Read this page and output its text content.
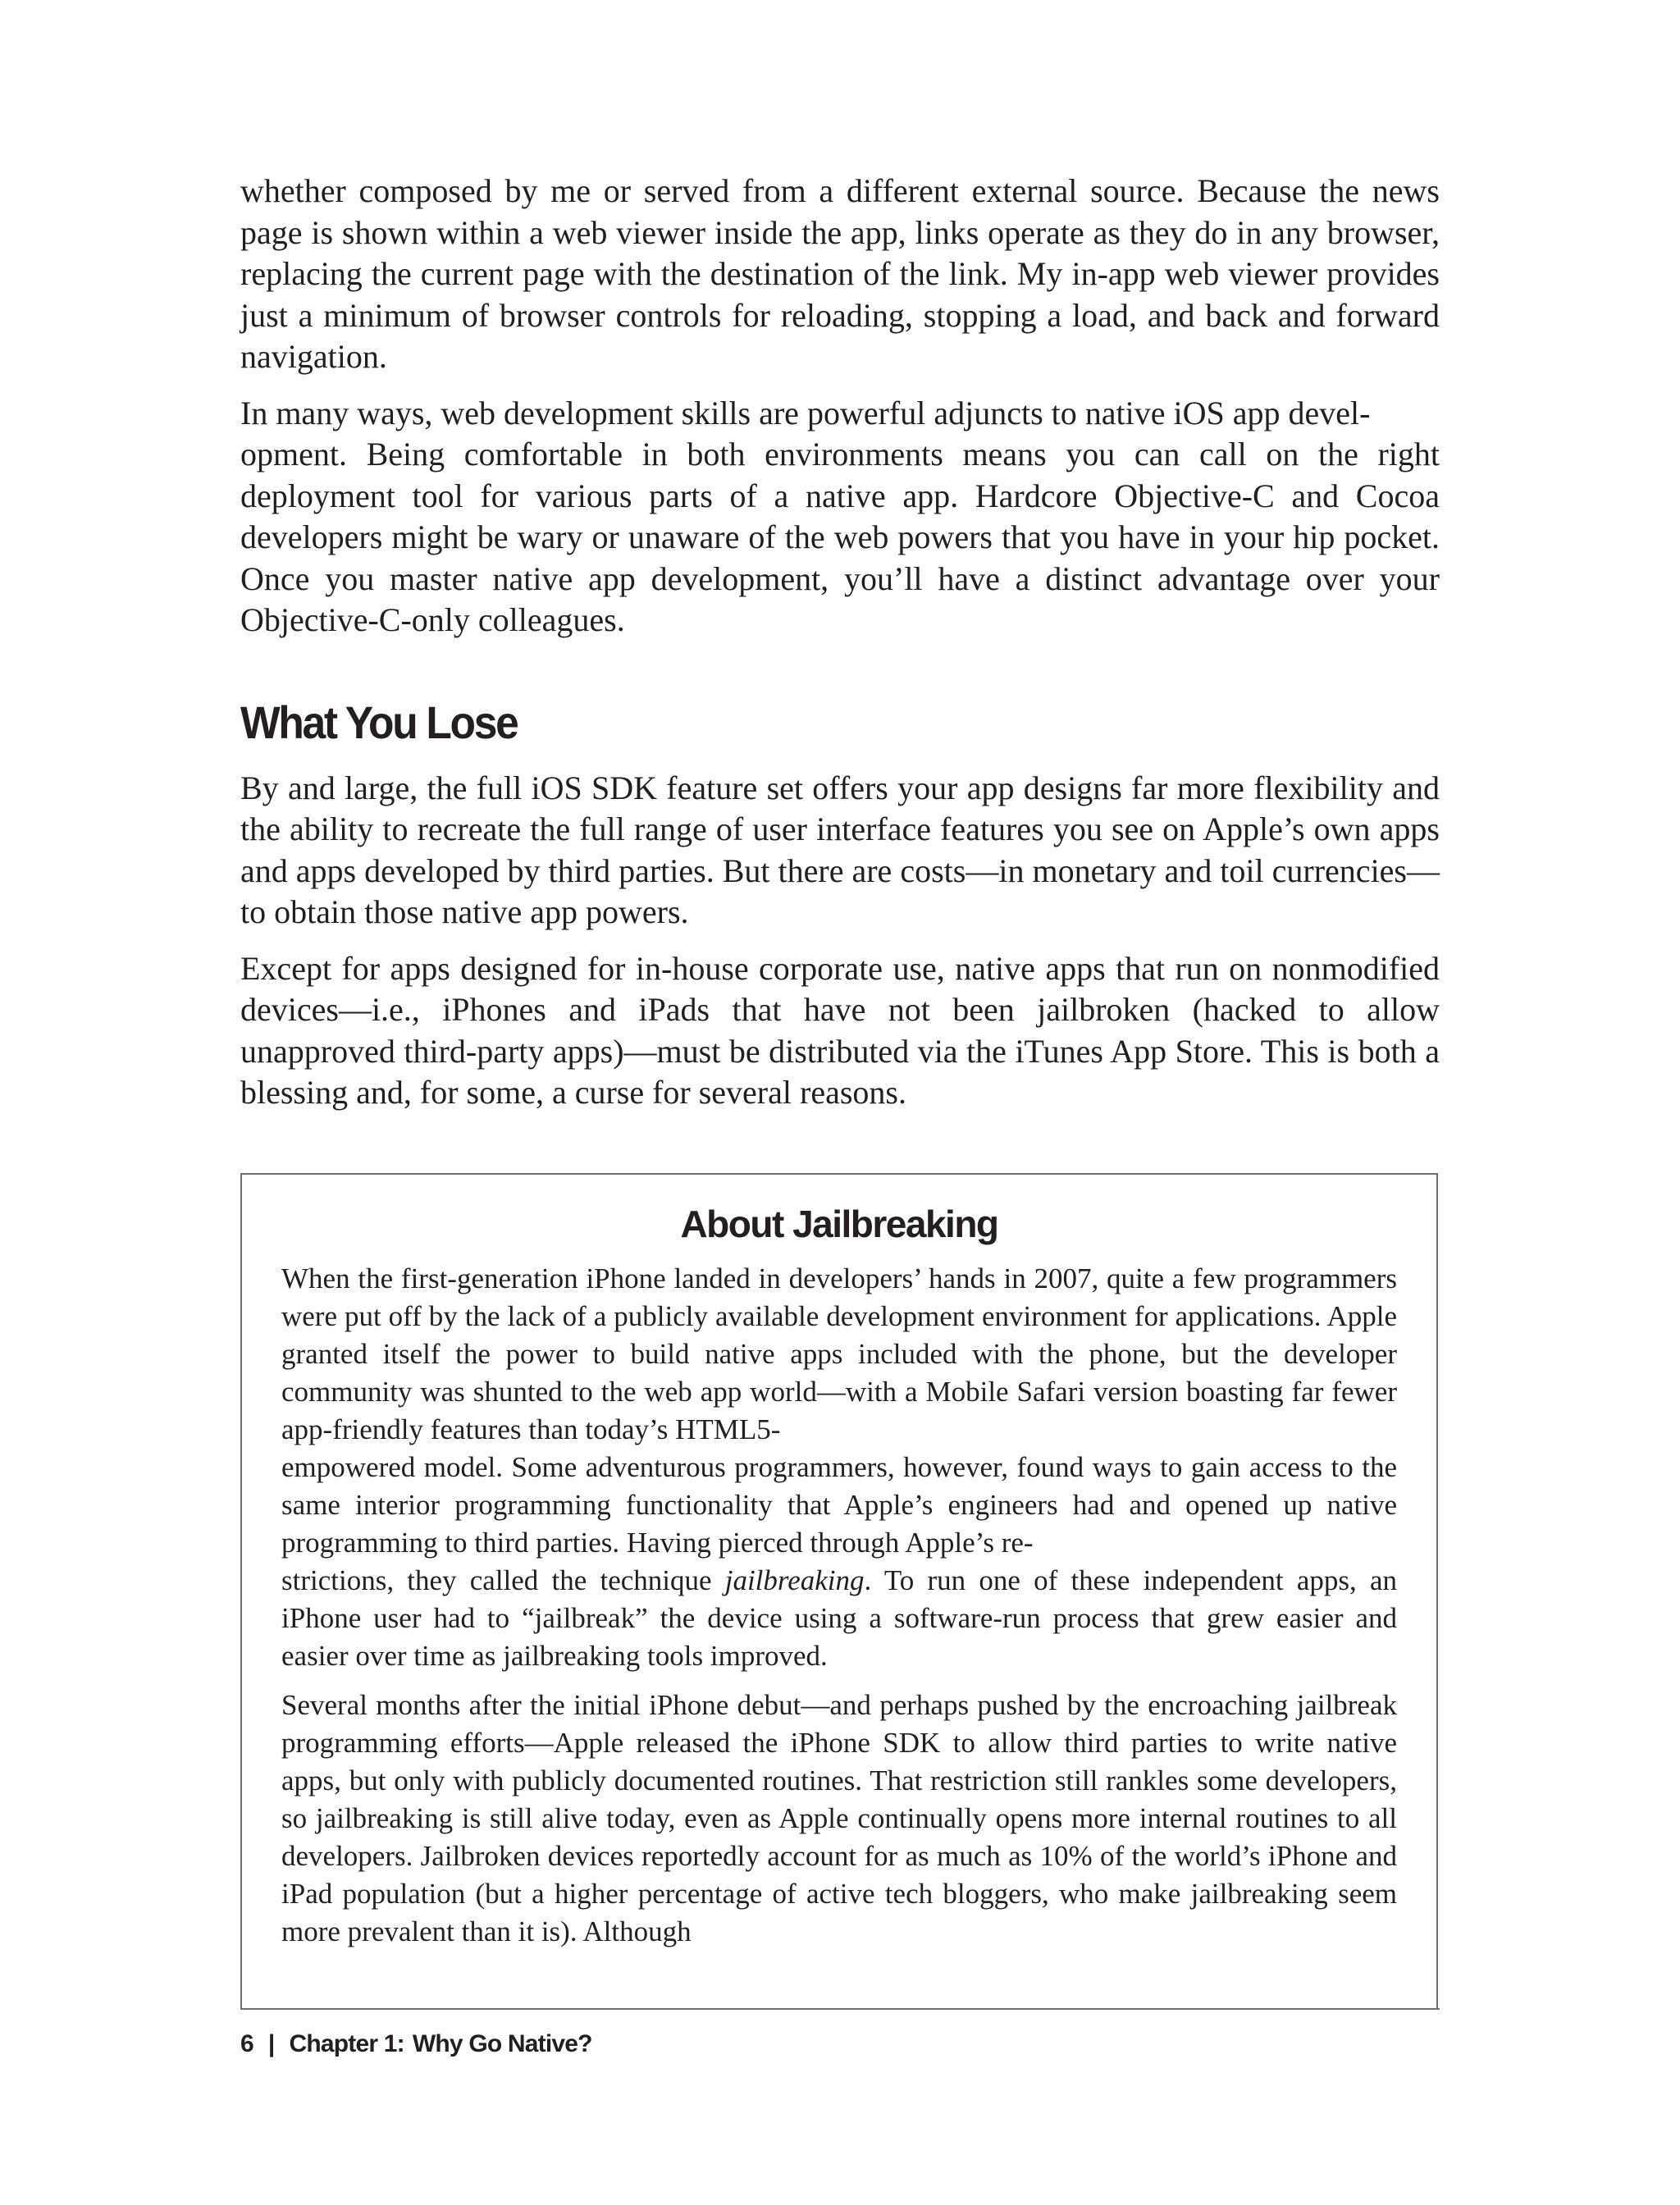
whether composed by me or served from a different external source. Because the news page is shown within a web viewer inside the app, links operate as they do in any browser, replacing the current page with the destination of the link. My in-app web viewer provides just a minimum of browser controls for reloading, stopping a load, and back and forward navigation.

In many ways, web development skills are powerful adjuncts to native iOS app devel-
opment. Being comfortable in both environments means you can call on the right deployment tool for various parts of a native app. Hardcore Objective-C and Cocoa developers might be wary or unaware of the web powers that you have in your hip pocket. Once you master native app development, you’ll have a distinct advantage over your Objective-C-only colleagues.

What You Lose

By and large, the full iOS SDK feature set offers your app designs far more flexibility and the ability to recreate the full range of user interface features you see on Apple’s own apps and apps developed by third parties. But there are costs—in monetary and toil currencies—to obtain those native app powers.

Except for apps designed for in-house corporate use, native apps that run on nonmodified devices—i.e., iPhones and iPads that have not been jailbroken (hacked to allow unapproved third-party apps)—must be distributed via the iTunes App Store. This is both a blessing and, for some, a curse for several reasons.

About Jailbreaking

When the first-generation iPhone landed in developers’ hands in 2007, quite a few programmers were put off by the lack of a publicly available development environment for applications. Apple granted itself the power to build native apps included with the phone, but the developer community was shunted to the web app world—with a Mobile Safari version boasting far fewer app-friendly features than today’s HTML5-
empowered model. Some adventurous programmers, however, found ways to gain access to the same interior programming functionality that Apple’s engineers had and opened up native programming to third parties. Having pierced through Apple’s re-
strictions, they called the technique jailbreaking. To run one of these independent apps, an iPhone user had to “jailbreak” the device using a software-run process that grew easier and easier over time as jailbreaking tools improved.

Several months after the initial iPhone debut—and perhaps pushed by the encroaching jailbreak programming efforts—Apple released the iPhone SDK to allow third parties to write native apps, but only with publicly documented routines. That restriction still rankles some developers, so jailbreaking is still alive today, even as Apple continually opens more internal routines to all developers. Jailbroken devices reportedly account for as much as 10% of the world’s iPhone and iPad population (but a higher percentage of active tech bloggers, who make jailbreaking seem more prevalent than it is). Although

6 | Chapter 1: Why Go Native?
